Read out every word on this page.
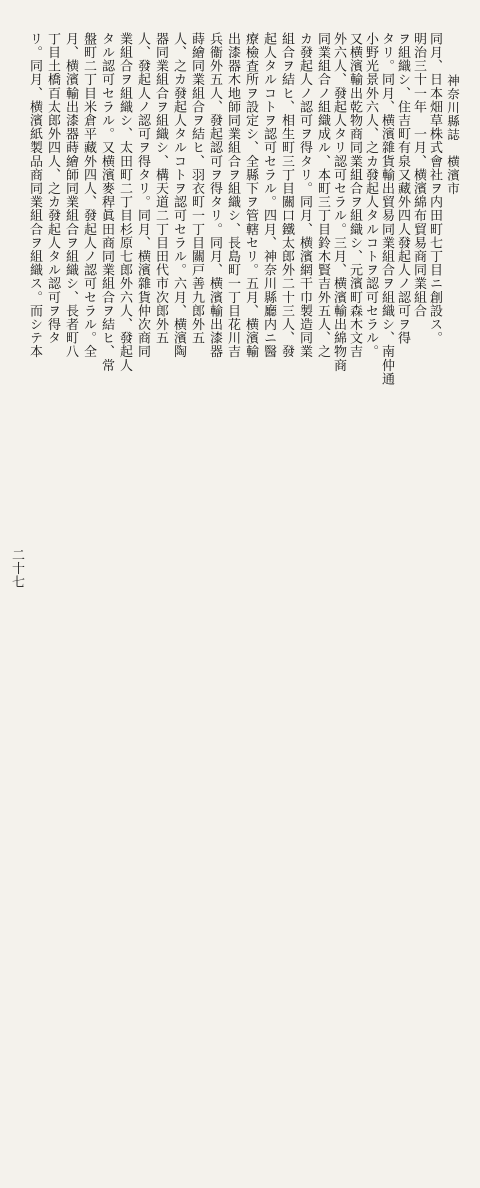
二十七
リ。同月、横濱紙製品商同業組合ヲ組織ス。而シテ本 丁目土橋百太郎外四人、之カ發起人タル認可ヲ得タ 月、横濱輸出漆器蒔繪師同業組合ヲ組織シ、長者町八 盤町二丁目米倉平藏外四人、發起人ノ認可セラル。全 タル認可セラル。又横濱麥稈眞田商同業組合ヲ結ヒ、常 業組合ヲ組織シ、太田町二丁目杉原七郎外六人、發起人 人、發起人ノ認可ヲ得タリ。同月、横濱雜貨仲次商同 器同業組合ヲ組織シ、構天道二丁目田代市次郎外五 人、之カ發起人タルコトヲ認可セラル。六月、横濱陶 蒔繪同業組合ヲ結ヒ、羽衣町一丁目關戸善九郎外五 兵衞外五人、發起認可ヲ得タリ。同月、横濱輸出漆器 出漆器木地師同業組合ヲ組織シ、長島町一丁目花川吉 療檢査所ヲ設定シ、全縣下ヲ管轄セリ。五月、横濱輸 起人タルコトヲ認可セラル。四月、神奈川縣廳内ニ醫 組合ヲ結ヒ、相生町三丁目關口鐵太郎外二十三人、發 カ發起人ノ認可ヲ得タリ。同月、横濱網干巾製造同業 同業組合ノ組織成ル、本町三丁目鈴木賢吉外五人、之 外六人、發起人タリ認可セラル。三月、横濱輸出綿物商 又横濱輸出乾物商同業組合ヲ組織シ、元濱町森木文吉 小野光景外六人、之カ發起人タルコトヲ認可セラル。 タリ。同月、横濱雜貨輸出貿易同業組合ヲ組織シ、南仲通 ヲ組織シ、住吉町有泉又藏外四人發起人ノ認可ヲ得 明治三十一年　一月、横濱綿布貿易商同業組合 同月、日本畑草株式會社ヲ内田町七丁目ニ創設ス。 神奈川縣誌　横濱市
